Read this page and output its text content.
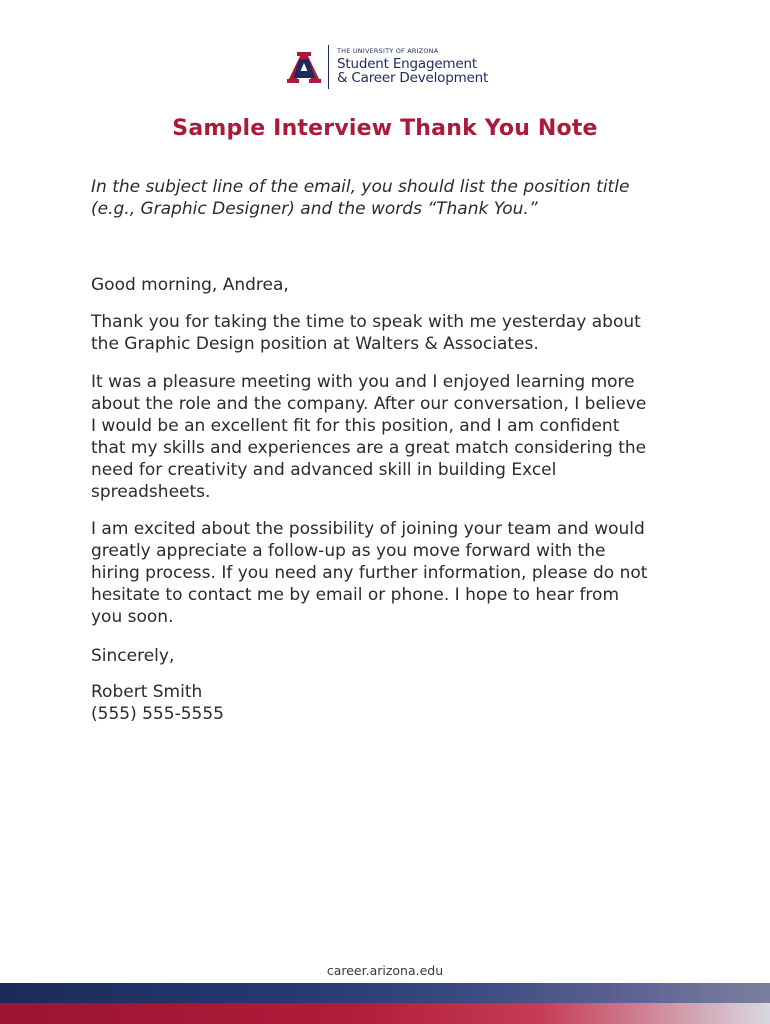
THE UNIVERSITY OF ARIZONA
Student Engagement
& Career Development
Sample Interview Thank You Note

In the subject line of the email, you should list the position title
(e.g., Graphic Designer) and the words “Thank You.”

Good morning, Andrea,

Thank you for taking the time to speak with me yesterday about
the Graphic Design position at Walters & Associates.

It was a pleasure meeting with you and I enjoyed learning more
about the role and the company. After our conversation, I believe
I would be an excellent fit for this position, and I am confident
that my skills and experiences are a great match considering the
need for creativity and advanced skill in building Excel
spreadsheets.

I am excited about the possibility of joining your team and would
greatly appreciate a follow-up as you move forward with the
hiring process. If you need any further information, please do not
hesitate to contact me by email or phone. I hope to hear from
you soon.

Sincerely,

Robert Smith
(555) 555-5555

career.arizona.edu
